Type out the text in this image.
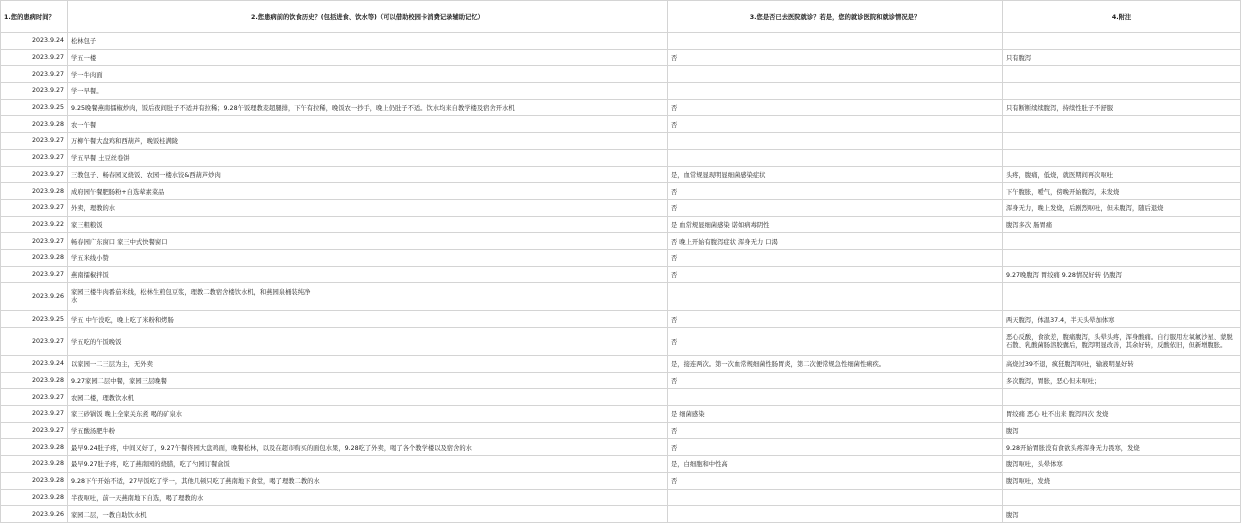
1.您的患病时间？	2.您患病前的饮食历史？(包括进食、饮水等)（可以借助校园卡消费记录辅助记忆）	3.您是否已去医院就诊？若是，您的就诊医院和就诊情况是？	4.附注
2023.9.24	松林包子		
2023.9.27	学五一楼	否	只有腹泻
2023.9.27	学一牛肉面		
2023.9.27	学一早餐。		
2023.9.25	9.25晚餐燕南擂椒炒肉，饭后夜间肚子不适并有拉稀；9.28午饭理教麦超腿排，下午有拉稀，晚饭农一抄手，晚上仍肚子不适。饮水均来自教学楼及宿舍开水机	否	只有断断续续腹泻，持续性肚子不舒服
2023.9.28	农一午餐	否	
2023.9.27	万柳午餐大盘鸡和西葫芦，晚饭桂满陇		
2023.9.27	学五早餐 土豆丝卷饼		
2023.9.27	三教包子、畅春园叉烧饭、农园一楼水饺&西葫芦炒肉	是，血常规显现明显细菌感染症状	头疼，腹痛，低烧，就医期间再次呕吐
2023.9.28	成府园午餐肥肠粉+自选荤素菜品	否	下午腹胀，嗳气，傍晚开始腹泻，未发烧
2023.9.27	外卖，理教的水	否	浑身无力，晚上发烧，后剧烈呕吐，但未腹泻，随后退烧
2023.9.22	家三粗粮饭	是 血常规显细菌感染 诺如病毒阴性	腹泻多次 肠胃痛
2023.9.27	畅春园广东窗口 家三中式快餐窗口	否 晚上开始有腹泻症状 浑身无力 口渴	
2023.9.28	学五米线小赞	否	
2023.9.27	燕南擂椒拌饭	否	9.27晚腹泻 胃绞痛 9.28情况好转 仍腹泻
2023.9.26	家园三楼牛肉番茄米线，松林生煎包豆浆，理教二教宿舍楼饮水机，和燕园泉桶装纯净水		

2023.9.25	学五 中午没吃，晚上吃了米粉和烤肠	否	两天腹泻，体温37.4，半天头晕加体寒
2023.9.27	学五吃的午饭晚饭	否	恶心反酸，食欲差，腹痛腹泻，头晕头疼，浑身酸痛。自行服用左氧氟沙星、蒙脱石散、乳酸菌肠溶胶囊后，腹泻明显改善，其余好转，反酸依旧，但新增腹胀。

2023.9.24	以家园一二三层为主，无外卖	是，接连两次。第一次血常规细菌性肠胃炎，第二次便常规急性细菌性痢疾。	高烧过39不退，疯狂腹泻呕吐，输液明显好转
2023.9.28	9.27家园二层中餐，家园三层晚餐	否	多次腹泻，胃胀，恶心但未呕吐；
2023.9.27	农园二楼，理教饮水机		
2023.9.27	家三砂锅饭 晚上全家关东煮 喝的矿泉水	是 细菌感染	胃绞痛 恶心 吐不出来 腹泻四次 发烧
2023.9.27	学五酸汤肥牛粉	否	腹泻
2023.9.28	最早9.24肚子疼，中间又好了，9.27午餐佟园大盘鸡面，晚餐松林，以及在超市购买的面包水果，9.28吃了外卖，喝了各个教学楼以及宿舍的水	否	9.28开始胃胀没有食欲头疼浑身无力畏寒，发烧
2023.9.28	最早9.27肚子疼，吃了燕南园的烧腊，吃了勺园订餐盒饭	是，白细胞和中性高	腹泻呕吐，头晕体寒
2023.9.28	9.28下午开始不适，27早饭吃了学一，其他几顿只吃了燕南地下食堂，喝了理教二教的水	否	腹泻呕吐，发烧
2023.9.28	半夜呕吐，前一天燕南地下自选，喝了理教的水		
2023.9.26	家园二层，一教自助饮水机		腹泻
